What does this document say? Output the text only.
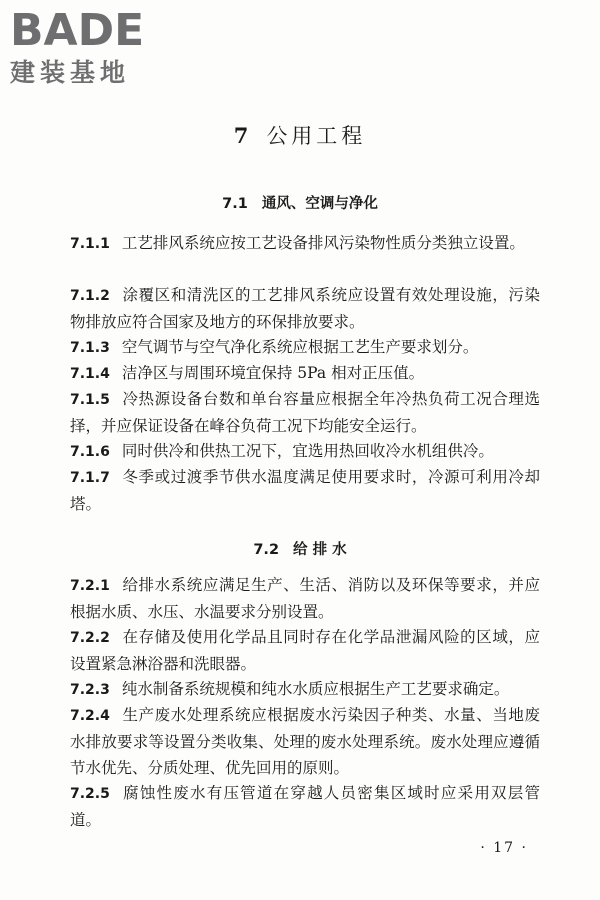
BADE
建装基地
7 公用工程
7.1 通风、空调与净化
7.1.1 工艺排风系统应按工艺设备排风污染物性质分类独立设置。
7.1.2 涂覆区和清洗区的工艺排风系统应设置有效处理设施，污染物排放应符合国家及地方的环保排放要求。
7.1.3 空气调节与空气净化系统应根据工艺生产要求划分。
7.1.4 洁净区与周围环境宜保持 5Pa 相对正压值。
7.1.5 冷热源设备台数和单台容量应根据全年冷热负荷工况合理选择，并应保证设备在峰谷负荷工况下均能安全运行。
7.1.6 同时供冷和供热工况下，宜选用热回收冷水机组供冷。
7.1.7 冬季或过渡季节供水温度满足使用要求时，冷源可利用冷却塔。
7.2 给 排 水
7.2.1 给排水系统应满足生产、生活、消防以及环保等要求，并应根据水质、水压、水温要求分别设置。
7.2.2 在存储及使用化学品且同时存在化学品泄漏风险的区域，应设置紧急淋浴器和洗眼器。
7.2.3 纯水制备系统规模和纯水水质应根据生产工艺要求确定。
7.2.4 生产废水处理系统应根据废水污染因子种类、水量、当地废水排放要求等设置分类收集、处理的废水处理系统。废水处理应遵循节水优先、分质处理、优先回用的原则。
7.2.5 腐蚀性废水有压管道在穿越人员密集区域时应采用双层管道。
· 17 ·
